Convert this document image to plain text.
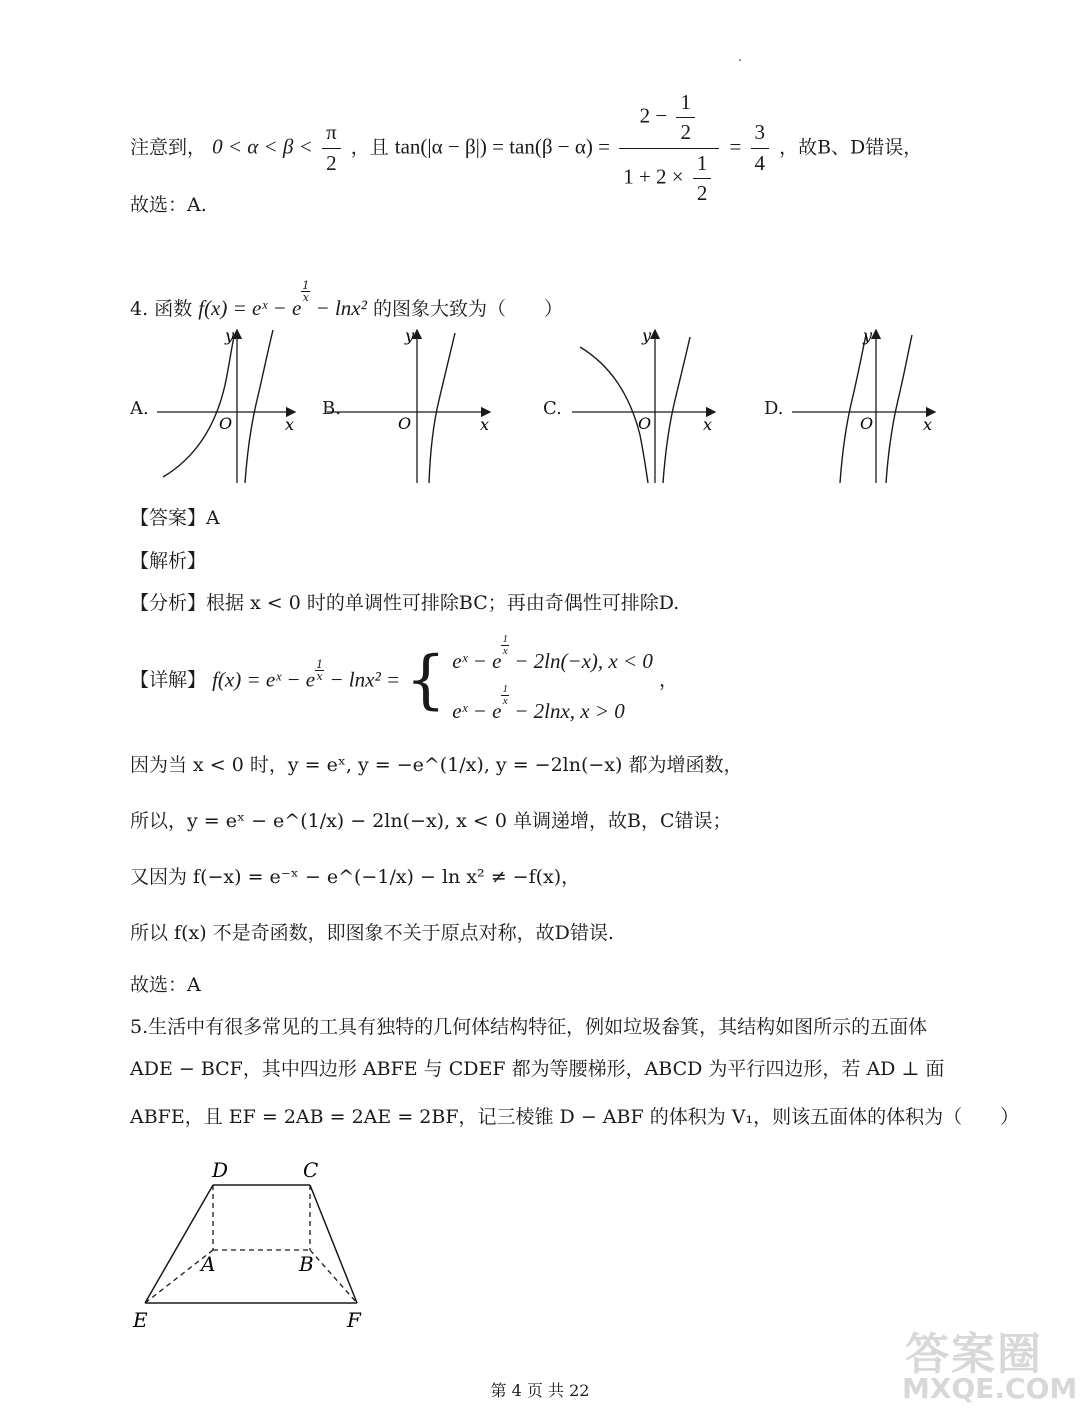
.
注意到， $0 < \alpha < \beta < \frac{\pi}{2}$ ，且 $\tan(|\alpha - \beta|) = \tan(\beta - \alpha) = \frac{2 - \frac{1}{2}}{1 + 2 \times \frac{1}{2}} = \frac{3}{4}$ ，故B、D错误，
故选：A.
4. 函数 f(x) = eˣ − e
$\frac{1}{x}$
− lnx² 的图象大致为（　　）
A.	B.	C.	D.
y
x
O
y
x
O
y
x
O
y
x
O
【答案】A
【解析】
【分析】根据 x < 0 时的单调性可排除BC；再由奇偶性可排除D.
【详解】 f(x) = eˣ − e $\frac{1}{x} - \ln x^2$ = { eˣ − e
$\frac{1}{x}$
− 2ln(−x), x < 0
eˣ − e
$\frac{1}{x}$
− 2lnx, x > 0
，
因为当 x < 0 时，y = eˣ, y = −e^(1/x), y = −2ln(−x) 都为增函数，
所以，y = eˣ − e^(1/x) − 2ln(−x), x < 0 单调递增，故B，C错误；
又因为 f(−x) = e⁻ˣ − e^(−1/x) − ln x² ≠ −f(x)，
所以 f(x) 不是奇函数，即图象不关于原点对称，故D错误.
故选：A
5.生活中有很多常见的工具有独特的几何体结构特征，例如垃圾畚箕，其结构如图所示的五面体
ADE − BCF，其中四边形 ABFE 与 CDEF 都为等腰梯形，ABCD 为平行四边形，若 AD ⊥ 面
ABFE，且 EF = 2AB = 2AE = 2BF，记三棱锥 D − ABF 的体积为 V₁，则该五面体的体积为（　　）
D	C
A	B
E	F
答案圈
MXQE.COM
第 4 页 共 22
